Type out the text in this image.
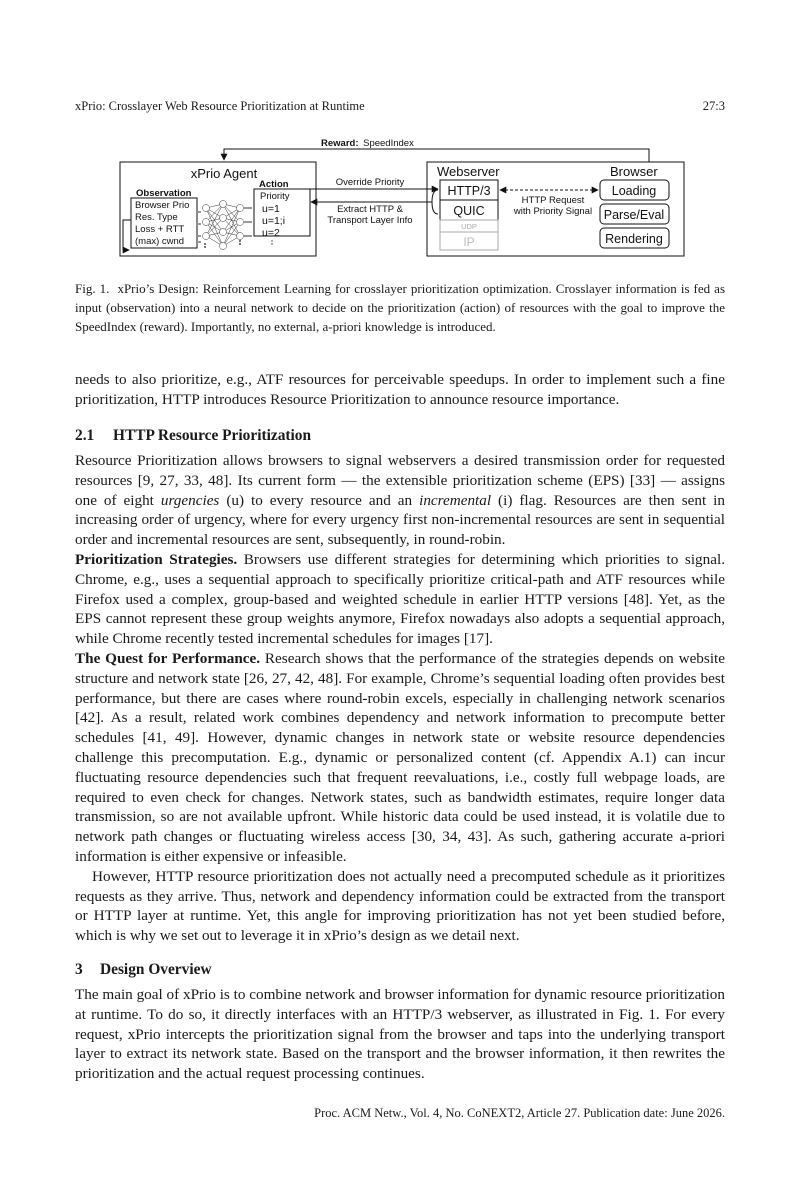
xPrio: Crosslayer Web Resource Prioritization at Runtime	27:3
Reward: SpeedIndex
xPrio Agent
Observation
Browser Prio
Res. Type
Loss + RTT
(max) cwnd
Action
Priority
u=1
u=1;i
u=2
Override Priority
Extract HTTP &
Transport Layer Info
Webserver	Browser
HTTP/3
QUIC
UDP
IP
HTTP Request
with Priority Signal
Loading
Parse/Eval
Rendering
Fig. 1. xPrio’s Design: Reinforcement Learning for crosslayer prioritization optimization. Crosslayer information is fed as input (observation) into a neural network to decide on the prioritization (action) of resources with the goal to improve the SpeedIndex (reward). Importantly, no external, a-priori knowledge is introduced.

needs to also prioritize, e.g., ATF resources for perceivable speedups. In order to implement such a fine prioritization, HTTP introduces Resource Prioritization to announce resource importance.

2.1 HTTP Resource Prioritization

Resource Prioritization allows browsers to signal webservers a desired transmission order for requested resources [9, 27, 33, 48]. Its current form — the extensible prioritization scheme (EPS) [33] — assigns one of eight urgencies (u) to every resource and an incremental (i) flag. Resources are then sent in increasing order of urgency, where for every urgency first non-incremental resources are sent in sequential order and incremental resources are sent, subsequently, in round-robin.

Prioritization Strategies. Browsers use different strategies for determining which priorities to signal. Chrome, e.g., uses a sequential approach to specifically prioritize critical-path and ATF resources while Firefox used a complex, group-based and weighted schedule in earlier HTTP versions [48]. Yet, as the EPS cannot represent these group weights anymore, Firefox nowadays also adopts a sequential approach, while Chrome recently tested incremental schedules for images [17].

The Quest for Performance. Research shows that the performance of the strategies depends on website structure and network state [26, 27, 42, 48]. For example, Chrome’s sequential loading often provides best performance, but there are cases where round-robin excels, especially in challenging network scenarios [42]. As a result, related work combines dependency and network information to precompute better schedules [41, 49]. However, dynamic changes in network state or website resource dependencies challenge this precomputation. E.g., dynamic or personalized content (cf. Appendix A.1) can incur fluctuating resource dependencies such that frequent reevaluations, i.e., costly full webpage loads, are required to even check for changes. Network states, such as bandwidth estimates, require longer data transmission, so are not available upfront. While historic data could be used instead, it is volatile due to network path changes or fluctuating wireless access [30, 34, 43]. As such, gathering accurate a-priori information is either expensive or infeasible.

However, HTTP resource prioritization does not actually need a precomputed schedule as it prioritizes requests as they arrive. Thus, network and dependency information could be extracted from the transport or HTTP layer at runtime. Yet, this angle for improving prioritization has not yet been studied before, which is why we set out to leverage it in xPrio’s design as we detail next.

3 Design Overview

The main goal of xPrio is to combine network and browser information for dynamic resource prioritization at runtime. To do so, it directly interfaces with an HTTP/3 webserver, as illustrated in Fig. 1. For every request, xPrio intercepts the prioritization signal from the browser and taps into the underlying transport layer to extract its network state. Based on the transport and the browser information, it then rewrites the prioritization and the actual request processing continues.

Proc. ACM Netw., Vol. 4, No. CoNEXT2, Article 27. Publication date: June 2026.
